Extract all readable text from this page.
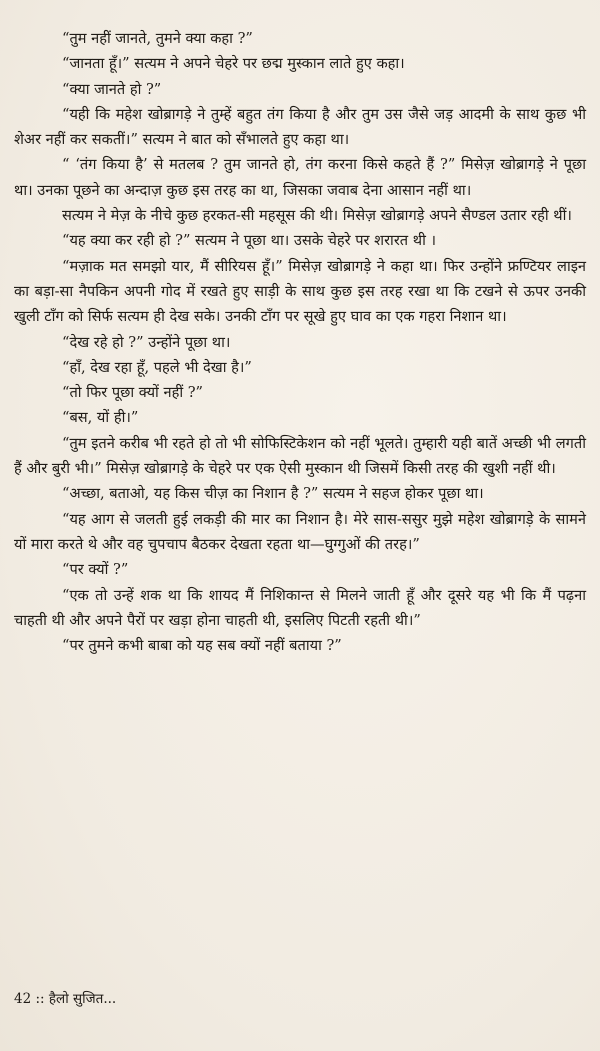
“तुम नहीं जानते, तुमने क्या कहा ?”

“जानता हूँ।” सत्यम ने अपने चेहरे पर छद्म मुस्कान लाते हुए कहा।

“क्या जानते हो ?”

“यही कि महेश खोब्रागड़े ने तुम्हें बहुत तंग किया है और तुम उस जैसे जड़ आदमी के साथ कुछ भी शेअर नहीं कर सकतीं।” सत्यम ने बात को सँभालते हुए कहा था।

“ ‘तंग किया है’ से मतलब ? तुम जानते हो, तंग करना किसे कहते हैं ?” मिसेज़ खोब्रागड़े ने पूछा था। उनका पूछने का अन्दाज़ कुछ इस तरह का था, जिसका जवाब देना आसान नहीं था।

सत्यम ने मेज़ के नीचे कुछ हरकत-सी महसूस की थी। मिसेज़ खोब्रागड़े अपने सैण्डल उतार रही थीं।

“यह क्या कर रही हो ?” सत्यम ने पूछा था। उसके चेहरे पर शरारत थी ।

“मज़ाक मत समझो यार, मैं सीरियस हूँ।” मिसेज़ खोब्रागड़े ने कहा था। फिर उन्होंने फ्रण्टियर लाइन का बड़ा-सा नैपकिन अपनी गोद में रखते हुए साड़ी के साथ कुछ इस तरह रखा था कि टखने से ऊपर उनकी खुली टाँग को सिर्फ सत्यम ही देख सके। उनकी टाँग पर सूखे हुए घाव का एक गहरा निशान था।

“देख रहे हो ?” उन्होंने पूछा था।

“हाँ, देख रहा हूँ, पहले भी देखा है।”

“तो फिर पूछा क्यों नहीं ?”

“बस, यों ही।”

“तुम इतने करीब भी रहते हो तो भी सोफिस्टिकेशन को नहीं भूलते। तुम्हारी यही बातें अच्छी भी लगती हैं और बुरी भी।” मिसेज़ खोब्रागड़े के चेहरे पर एक ऐसी मुस्कान थी जिसमें किसी तरह की खुशी नहीं थी।

“अच्छा, बताओ, यह किस चीज़ का निशान है ?” सत्यम ने सहज होकर पूछा था।

“यह आग से जलती हुई लकड़ी की मार का निशान है। मेरे सास-ससुर मुझे महेश खोब्रागड़े के सामने यों मारा करते थे और वह चुपचाप बैठकर देखता रहता था—घुग्गुओं की तरह।”

“पर क्यों ?”

“एक तो उन्हें शक था कि शायद मैं निशिकान्त से मिलने जाती हूँ और दूसरे यह भी कि मैं पढ़ना चाहती थी और अपने पैरों पर खड़ा होना चाहती थी, इसलिए पिटती रहती थी।”

“पर तुमने कभी बाबा को यह सब क्यों नहीं बताया ?”

42 :: हैलो सुजित...
